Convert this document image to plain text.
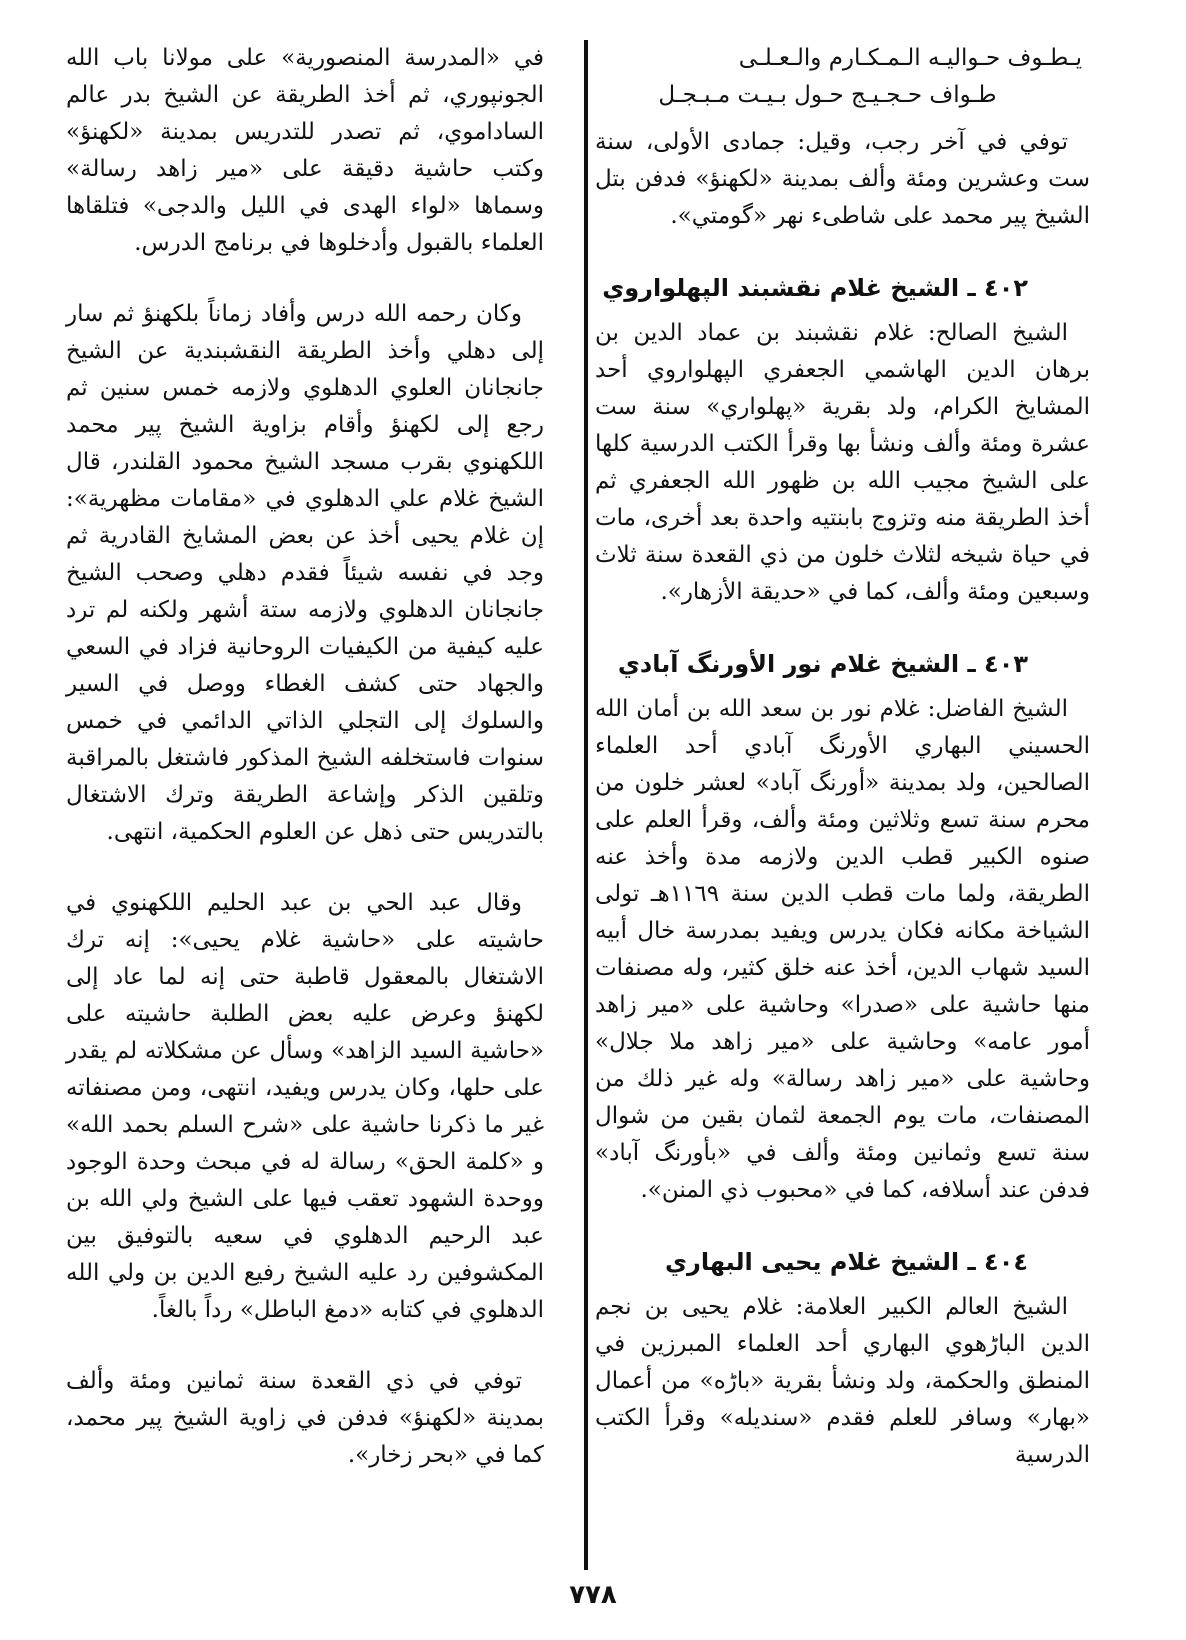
يـطـوف حـواليـه الـمـكـارم والـعـلـى

طـواف حـجـيـج حـول بـيـت مـبـجـل

توفي في آخر رجب، وقيل: جمادى الأولى، سنة ست وعشرين ومئة وألف بمدينة «لكهنؤ» فدفن بتل الشيخ پير محمد على شاطىء نهر «گومتي».

٤٠٢ ـ الشيخ غلام نقشبند الپهلواروي

الشيخ الصالح: غلام نقشبند بن عماد الدين بن برهان الدين الهاشمي الجعفري الپهلواروي أحد المشايخ الكرام، ولد بقرية «پهلواري» سنة ست عشرة ومئة وألف ونشأ بها وقرأ الكتب الدرسية كلها على الشيخ مجيب الله بن ظهور الله الجعفري ثم أخذ الطريقة منه وتزوج بابنتيه واحدة بعد أخرى، مات في حياة شيخه لثلاث خلون من ذي القعدة سنة ثلاث وسبعين ومئة وألف، كما في «حديقة الأزهار».

٤٠٣ ـ الشيخ غلام نور الأورنگ آبادي

الشيخ الفاضل: غلام نور بن سعد الله بن أمان الله الحسيني البهاري الأورنگ آبادي أحد العلماء الصالحين، ولد بمدينة «أورنگ آباد» لعشر خلون من محرم سنة تسع وثلاثين ومئة وألف، وقرأ العلم على صنوه الكبير قطب الدين ولازمه مدة وأخذ عنه الطريقة، ولما مات قطب الدين سنة ١١٦٩هـ تولى الشياخة مكانه فكان يدرس ويفيد بمدرسة خال أبيه السيد شهاب الدين، أخذ عنه خلق كثير، وله مصنفات منها حاشية على «صدرا» وحاشية على «مير زاهد أمور عامه» وحاشية على «مير زاهد ملا جلال» وحاشية على «مير زاهد رسالة» وله غير ذلك من المصنفات، مات يوم الجمعة لثمان بقين من شوال سنة تسع وثمانين ومئة وألف في «بأورنگ آباد» فدفن عند أسلافه، كما في «محبوب ذي المنن».

٤٠٤ ـ الشيخ غلام يحيى البهاري

الشيخ العالم الكبير العلامة: غلام يحيى بن نجم الدين الباڑهوي البهاري أحد العلماء المبرزين في المنطق والحكمة، ولد ونشأ بقرية «باڑه» من أعمال «بهار» وسافر للعلم فقدم «سنديله» وقرأ الكتب الدرسية

في «المدرسة المنصورية» على مولانا باب الله الجونپوري، ثم أخذ الطريقة عن الشيخ بدر عالم الساداموي، ثم تصدر للتدريس بمدينة «لكهنؤ» وكتب حاشية دقيقة على «مير زاهد رسالة» وسماها «لواء الهدى في الليل والدجى» فتلقاها العلماء بالقبول وأدخلوها في برنامج الدرس.

وكان رحمه الله درس وأفاد زماناً بلكهنؤ ثم سار إلى دهلي وأخذ الطريقة النقشبندية عن الشيخ جانجانان العلوي الدهلوي ولازمه خمس سنين ثم رجع إلى لكهنؤ وأقام بزاوية الشيخ پير محمد اللكهنوي بقرب مسجد الشيخ محمود القلندر، قال الشيخ غلام علي الدهلوي في «مقامات مظهرية»: إن غلام يحيى أخذ عن بعض المشايخ القادرية ثم وجد في نفسه شيئاً فقدم دهلي وصحب الشيخ جانجانان الدهلوي ولازمه ستة أشهر ولكنه لم ترد عليه كيفية من الكيفيات الروحانية فزاد في السعي والجهاد حتى كشف الغطاء ووصل في السير والسلوك إلى التجلي الذاتي الدائمي في خمس سنوات فاستخلفه الشيخ المذكور فاشتغل بالمراقبة وتلقين الذكر وإشاعة الطريقة وترك الاشتغال بالتدريس حتى ذهل عن العلوم الحكمية، انتهى.

وقال عبد الحي بن عبد الحليم اللكهنوي في حاشيته على «حاشية غلام يحيى»: إنه ترك الاشتغال بالمعقول قاطبة حتى إنه لما عاد إلى لكهنؤ وعرض عليه بعض الطلبة حاشيته على «حاشية السيد الزاهد» وسأل عن مشكلاته لم يقدر على حلها، وكان يدرس ويفيد، انتهى، ومن مصنفاته غير ما ذكرنا حاشية على «شرح السلم بحمد الله» و «كلمة الحق» رسالة له في مبحث وحدة الوجود ووحدة الشهود تعقب فيها على الشيخ ولي الله بن عبد الرحيم الدهلوي في سعيه بالتوفيق بين المكشوفين رد عليه الشيخ رفيع الدين بن ولي الله الدهلوي في كتابه «دمغ الباطل» رداً بالغاً.

توفي في ذي القعدة سنة ثمانين ومئة وألف بمدينة «لكهنؤ» فدفن في زاوية الشيخ پير محمد، كما في «بحر زخار».

٧٧٨
